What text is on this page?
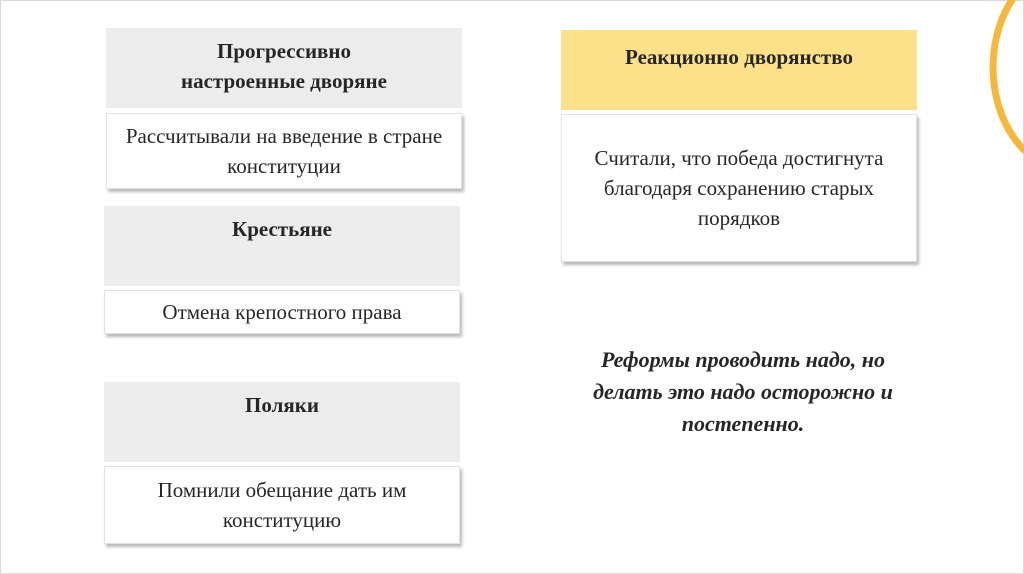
Прогрессивно настроенные дворяне
Рассчитывали на введение в стране конституции
Крестьяне
Отмена крепостного права
Поляки
Помнили обещание дать им конституцию
Реакционно дворянство
Считали, что победа достигнута благодаря сохранению старых порядков
Реформы проводить надо, но делать это надо осторожно и постепенно.
